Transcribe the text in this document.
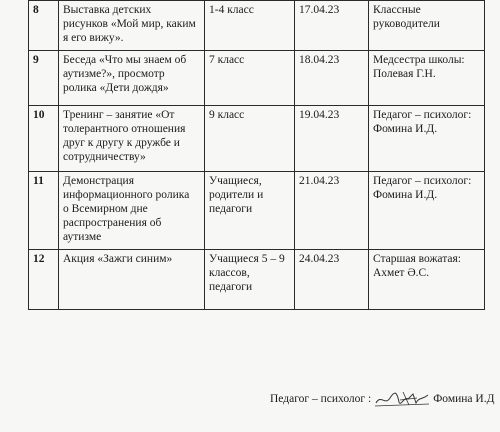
8	Выставка детских
рисунков «Мой мир, каким
я его вижу».	1-4 класс	17.04.23	Классные
руководители

9	Беседа «Что мы знаем об
аутизме?», просмотр
ролика «Дети дождя»	7 класс	18.04.23	Медсестра школы:
Полевая Г.Н.

10	Тренинг – занятие «От
толерантного отношения
друг к другу к дружбе и
сотрудничеству»	9 класс	19.04.23	Педагог – психолог:
Фомина И.Д.

11	Демонстрация
информационного ролика
о Всемирном дне
распространения об
аутизме	Учащиеся,
родители и
педагоги	21.04.23	Педагог – психолог:
Фомина И.Д.

12	Акция «Зажги синим»	Учащиеся 5 – 9
классов,
педагоги	24.04.23	Старшая вожатая:
Ахмет Ә.С.
Педагог – психолог :	Фомина И.Д
